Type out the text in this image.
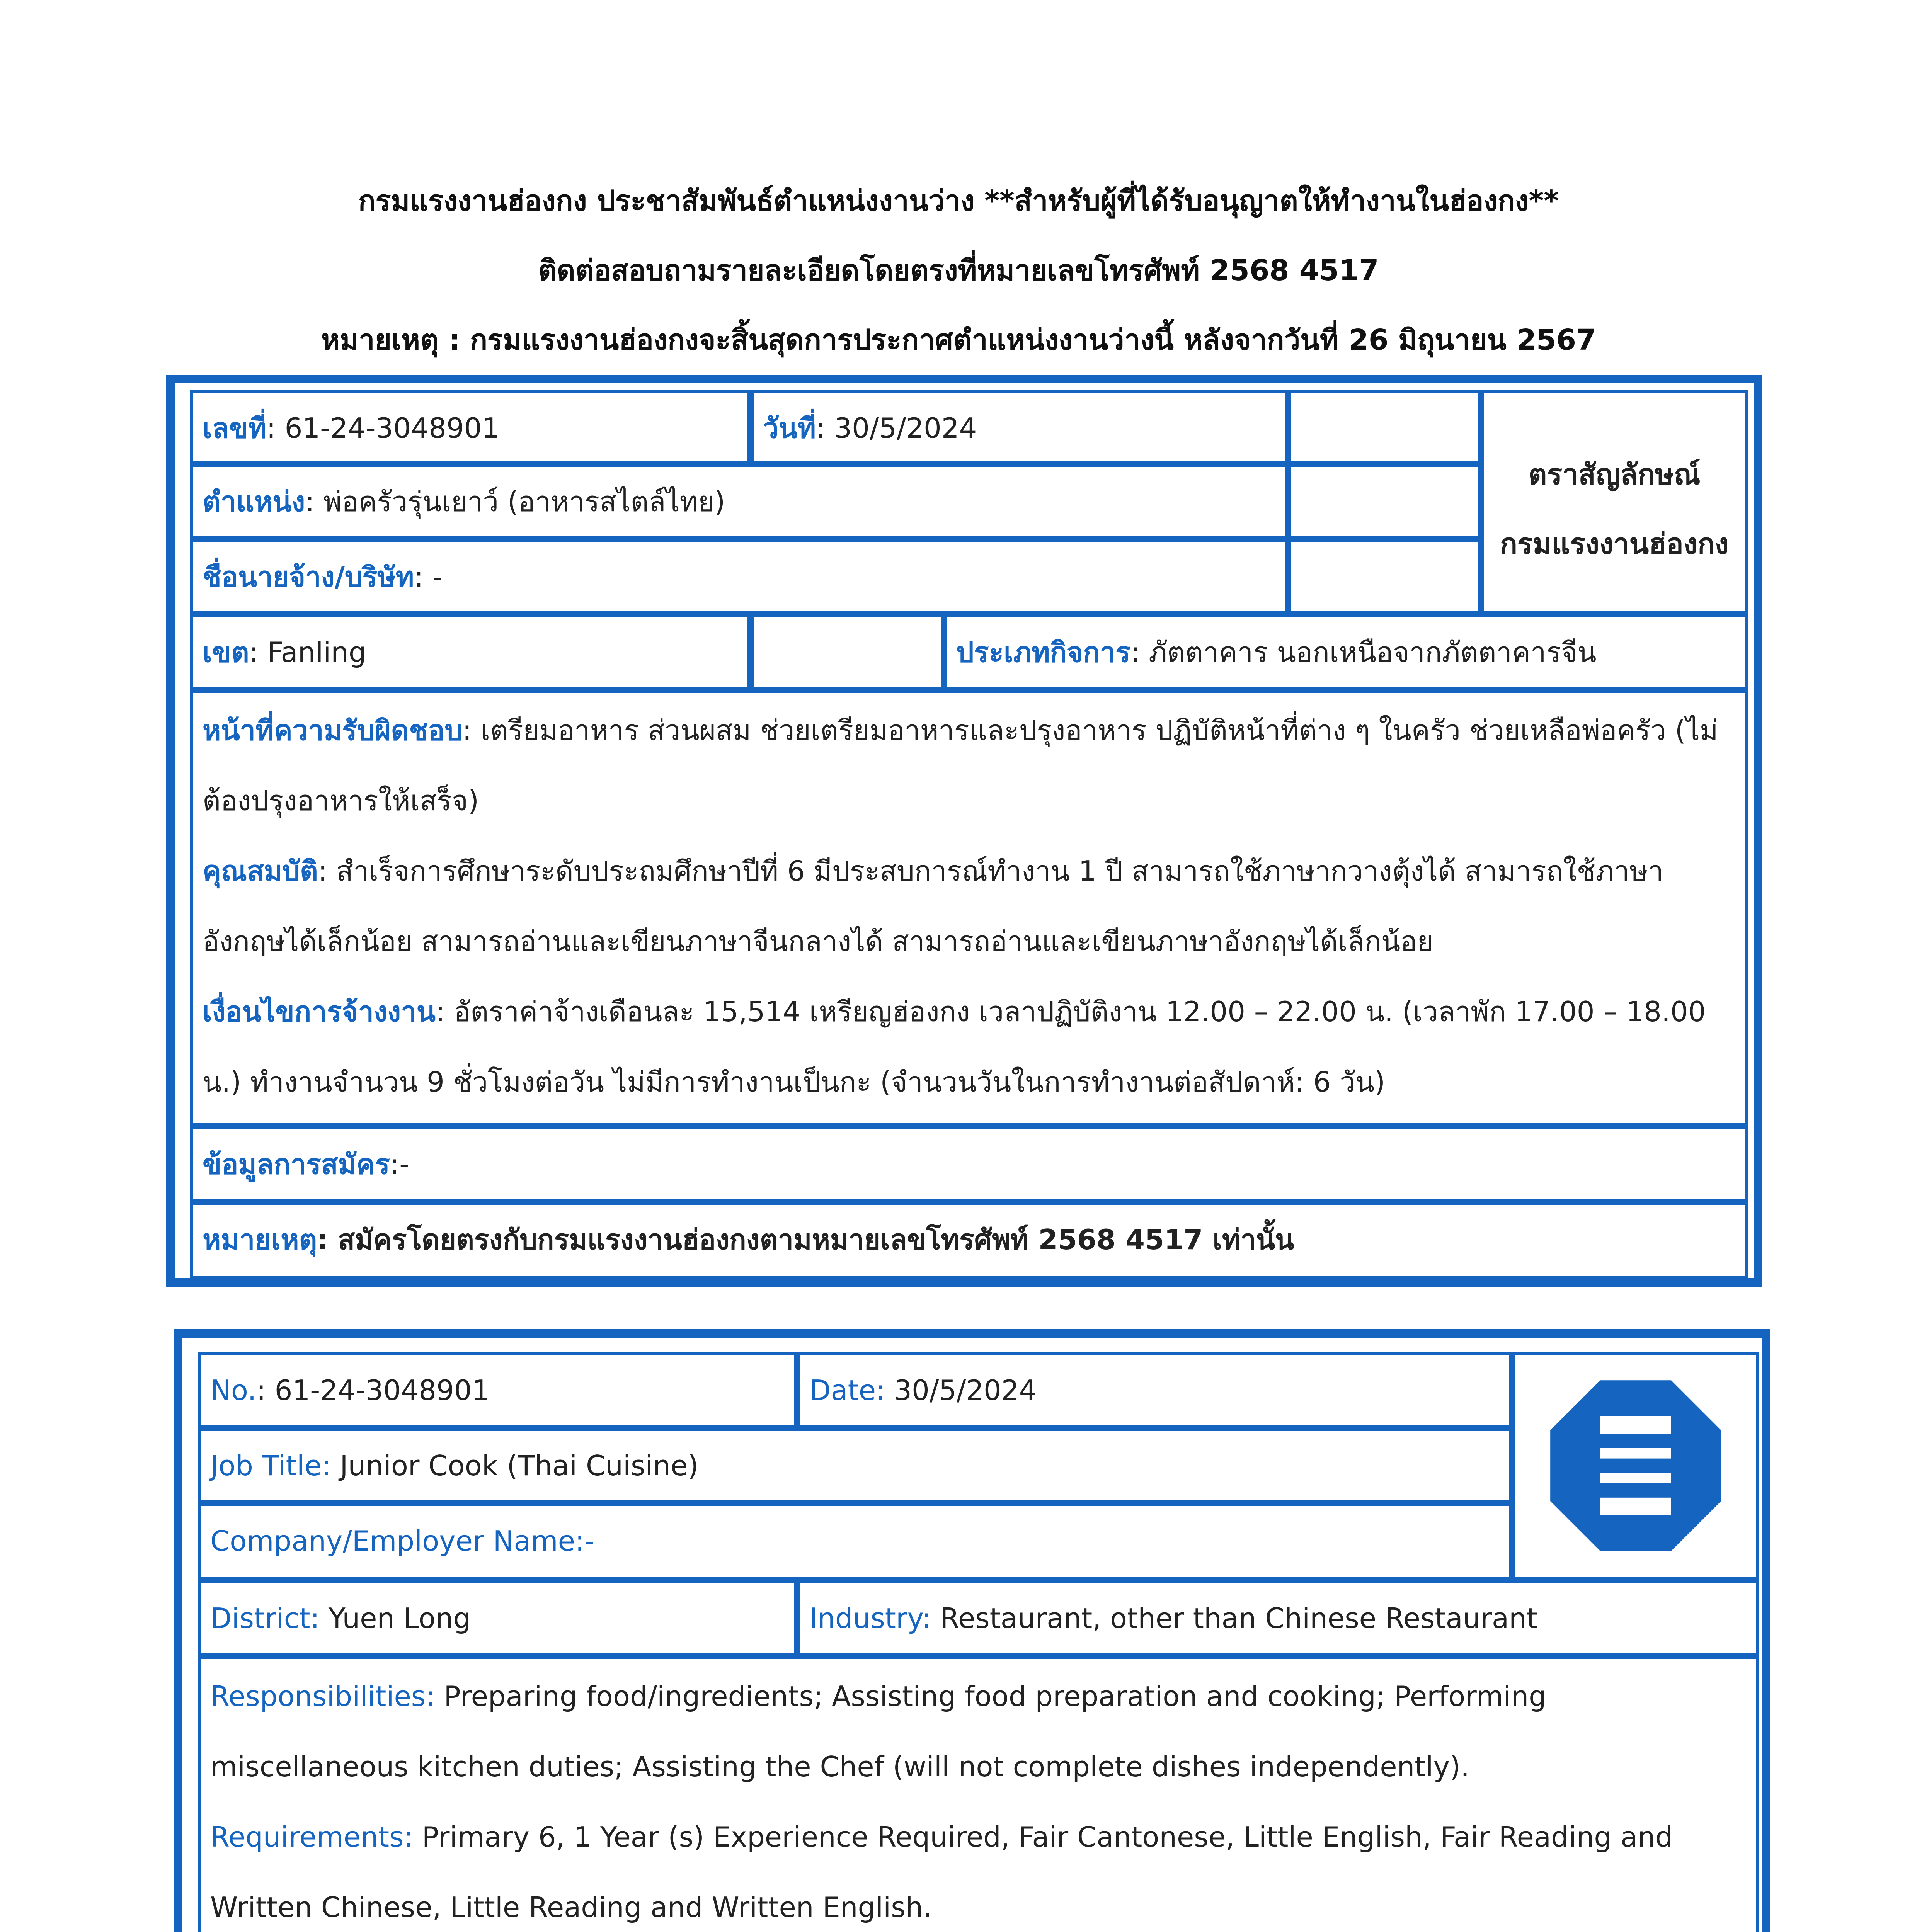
กรมแรงงานฮ่องกง ประชาสัมพันธ์ตำแหน่งงานว่าง **สำหรับผู้ที่ได้รับอนุญาตให้ทำงานในฮ่องกง**
ติดต่อสอบถามรายละเอียดโดยตรงที่หมายเลขโทรศัพท์ 2568 4517
หมายเหตุ : กรมแรงงานฮ่องกงจะสิ้นสุดการประกาศตำแหน่งงานว่างนี้ หลังจากวันที่ 26 มิถุนายน 2567
เลขที่: 61-24-3048901	วันที่: 30/5/2024
ตราสัญลักษณ์
กรมแรงงานฮ่องกง
ตำแหน่ง: พ่อครัวรุ่นเยาว์ (อาหารสไตล์ไทย)
ชื่อนายจ้าง/บริษัท: -
เขต: Fanling	ประเภทกิจการ: ภัตตาคาร นอกเหนือจากภัตตาคารจีน
หน้าที่ความรับผิดชอบ: เตรียมอาหาร ส่วนผสม ช่วยเตรียมอาหารและปรุงอาหาร ปฏิบัติหน้าที่ต่าง ๆ ในครัว ช่วยเหลือพ่อครัว (ไม่ต้องปรุงอาหารให้เสร็จ)
คุณสมบัติ: สำเร็จการศึกษาระดับประถมศึกษาปีที่ 6 มีประสบการณ์ทำงาน 1 ปี สามารถใช้ภาษากวางตุ้งได้ สามารถใช้ภาษาอังกฤษได้เล็กน้อย สามารถอ่านและเขียนภาษาจีนกลางได้ สามารถอ่านและเขียนภาษาอังกฤษได้เล็กน้อย
เงื่อนไขการจ้างงาน: อัตราค่าจ้างเดือนละ 15,514 เหรียญฮ่องกง เวลาปฏิบัติงาน 12.00 – 22.00 น. (เวลาพัก 17.00 – 18.00 น.) ทำงานจำนวน 9 ชั่วโมงต่อวัน ไม่มีการทำงานเป็นกะ (จำนวนวันในการทำงานต่อสัปดาห์: 6 วัน)
ข้อมูลการสมัคร:-
หมายเหตุ: สมัครโดยตรงกับกรมแรงงานฮ่องกงตามหมายเลขโทรศัพท์ 2568 4517 เท่านั้น
No.: 61-24-3048901	Date: 30/5/2024
Job Title: Junior Cook (Thai Cuisine)
Company/Employer Name:-
District: Yuen Long	Industry: Restaurant, other than Chinese Restaurant
Responsibilities: Preparing food/ingredients; Assisting food preparation and cooking; Performing miscellaneous kitchen duties; Assisting the Chef (will not complete dishes independently).
Requirements: Primary 6, 1 Year (s) Experience Required, Fair Cantonese, Little English, Fair Reading and Written Chinese, Little Reading and Written English.
